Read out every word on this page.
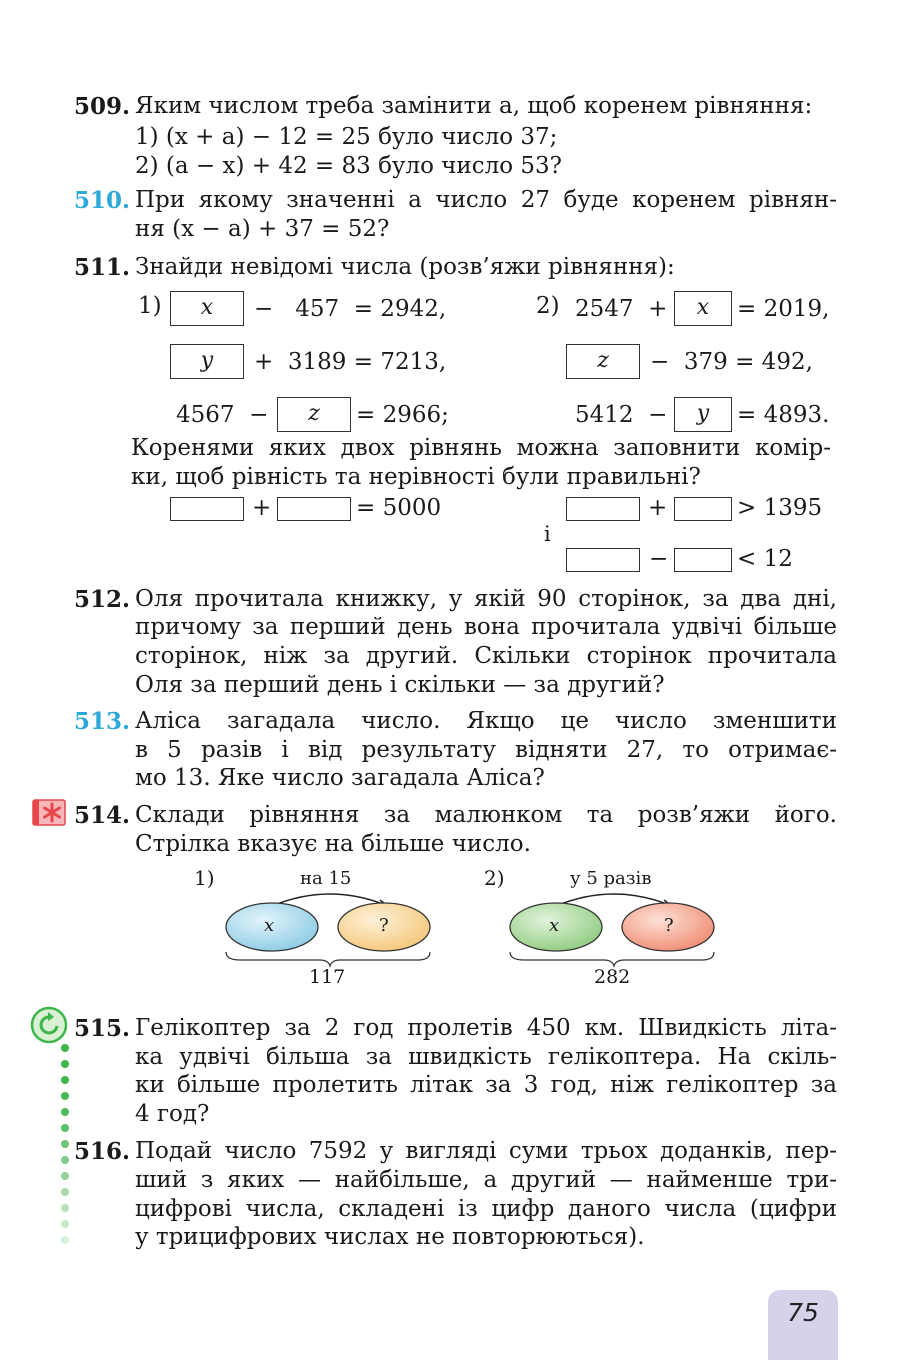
509. Яким числом треба замінити a, щоб коренем рівняння:
1) (x + a) − 12 = 25 було число 37;
2) (a − x) + 42 = 83 було число 53?
510. При якому значенні a число 27 буде коренем рівнян-
ня (x − a) + 37 = 52?
511. Знайди невідомі числа (розв’яжи рівняння):
1)	x	−   457  = 2942,
y	+  3189 = 7213,
4567  −	z	= 2966;
2) 2547  +	x	= 2019,
z	−  379 = 492,
5412  −	y	= 4893.
Коренями яких двох рівнянь можна заповнити комір-
ки, щоб рівність та нерівності були правильні?
+	= 5000
і
+	> 1395
−	< 12
512. Оля прочитала книжку, у якій 90 сторінок, за два дні,
причому за перший день вона прочитала удвічі більше
сторінок, ніж за другий. Скільки сторінок прочитала
Оля за перший день і скільки — за другий?
513. Аліса загадала число. Якщо це число зменшити
в 5 разів і від результату відняти 27, то отримає-
мо 13. Яке число загадала Аліса?
514. Склади рівняння за малюнком та розв’яжи його.
Стрілка вказує на більше число.
1)	на 15
x	?
117
2)	у 5 разів
x	?
282
515. Гелікоптер за 2 год пролетів 450 км. Швидкість літа-
ка удвічі більша за швидкість гелікоптера. На скіль-
ки більше пролетить літак за 3 год, ніж гелікоптер за
4 год?
516. Подай число 7592 у вигляді суми трьох доданків, пер-
ший з яких — найбільше, а другий — найменше три-
цифрові числа, складені із цифр даного числа (цифри
у трицифрових числах не повторюються).
75
